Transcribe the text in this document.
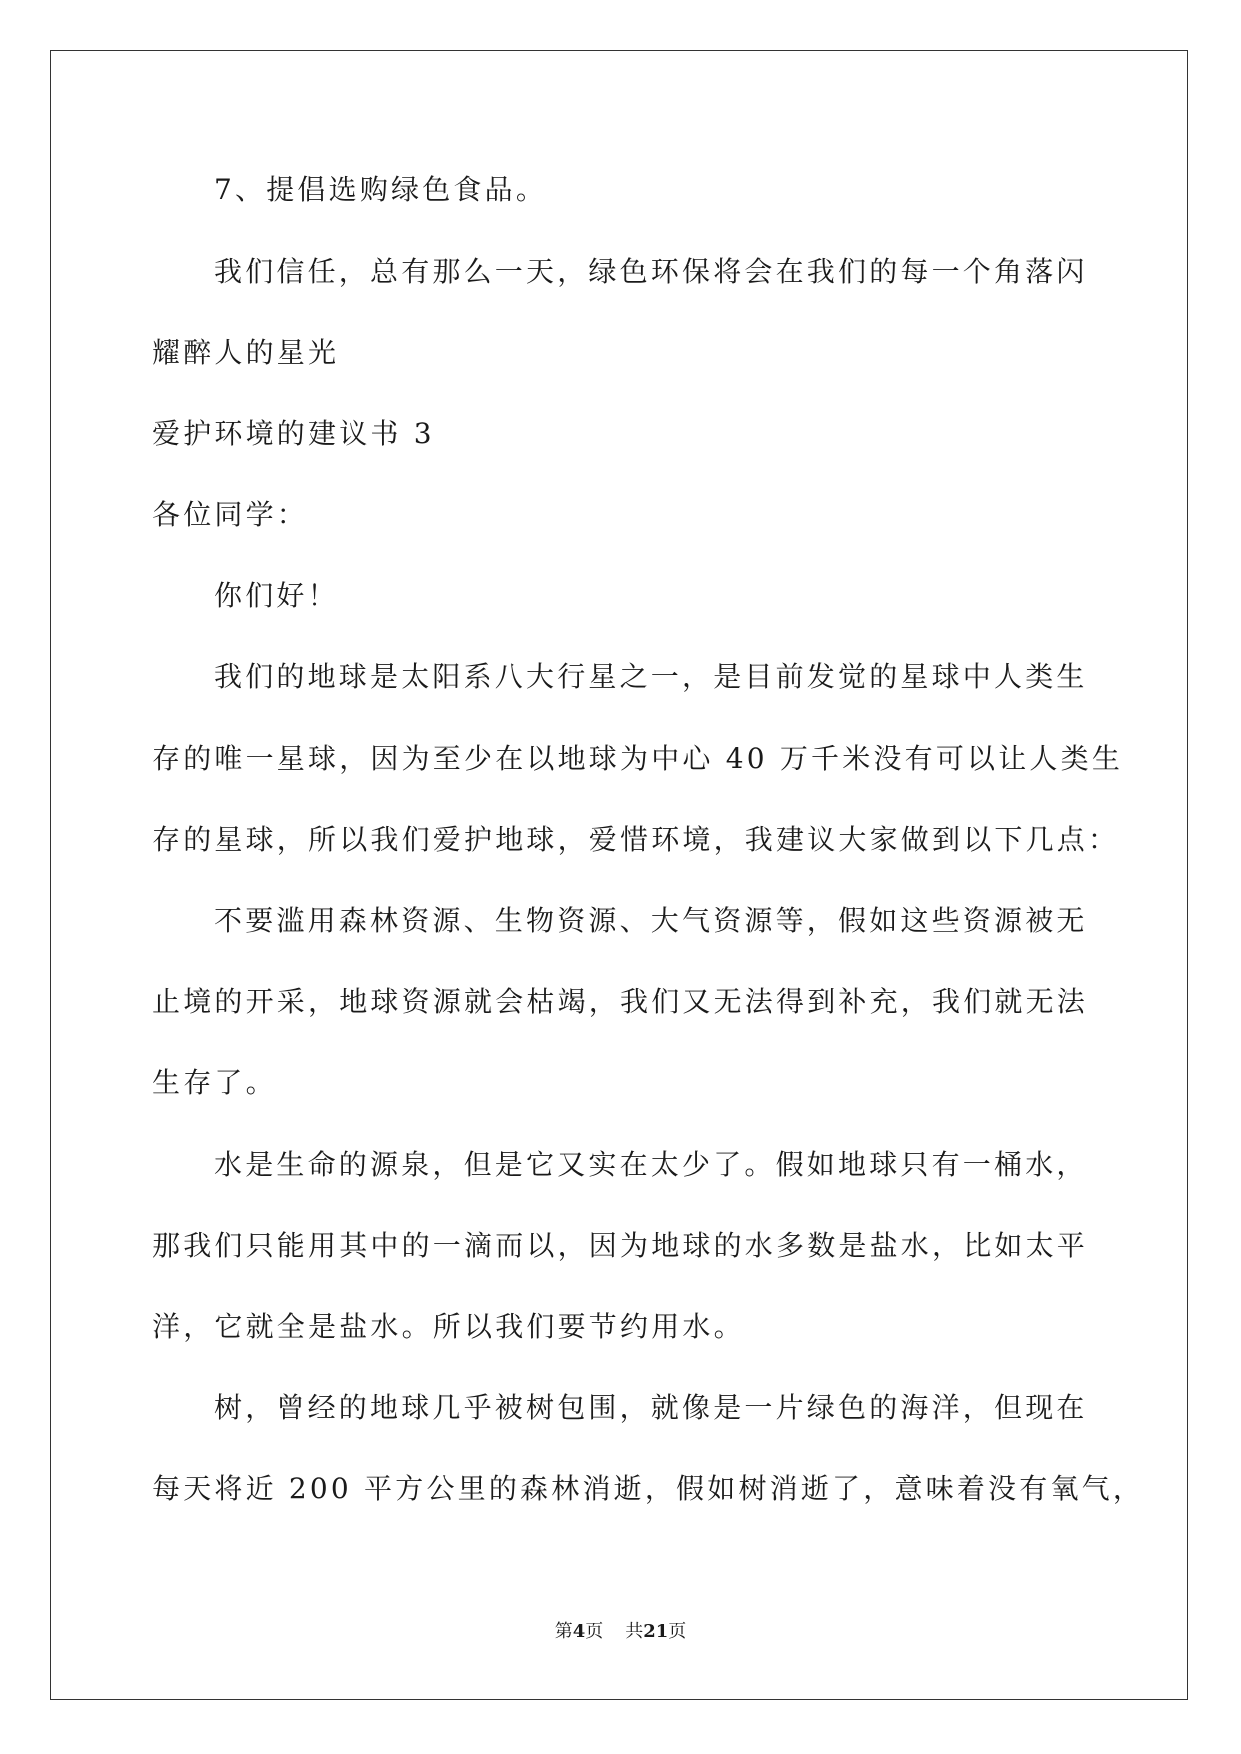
7、提倡选购绿色食品。
我们信任，总有那么一天，绿色环保将会在我们的每一个角落闪
耀醉人的星光
爱护环境的建议书 3
各位同学：
你们好！
我们的地球是太阳系八大行星之一，是目前发觉的星球中人类生
存的唯一星球，因为至少在以地球为中心 40 万千米没有可以让人类生
存的星球，所以我们爱护地球，爱惜环境，我建议大家做到以下几点：
不要滥用森林资源、生物资源、大气资源等，假如这些资源被无
止境的开采，地球资源就会枯竭，我们又无法得到补充，我们就无法
生存了。
水是生命的源泉，但是它又实在太少了。假如地球只有一桶水，
那我们只能用其中的一滴而以，因为地球的水多数是盐水，比如太平
洋，它就全是盐水。所以我们要节约用水。
树，曾经的地球几乎被树包围，就像是一片绿色的海洋，但现在
每天将近 200 平方公里的森林消逝，假如树消逝了，意味着没有氧气，
第4页 共21页
